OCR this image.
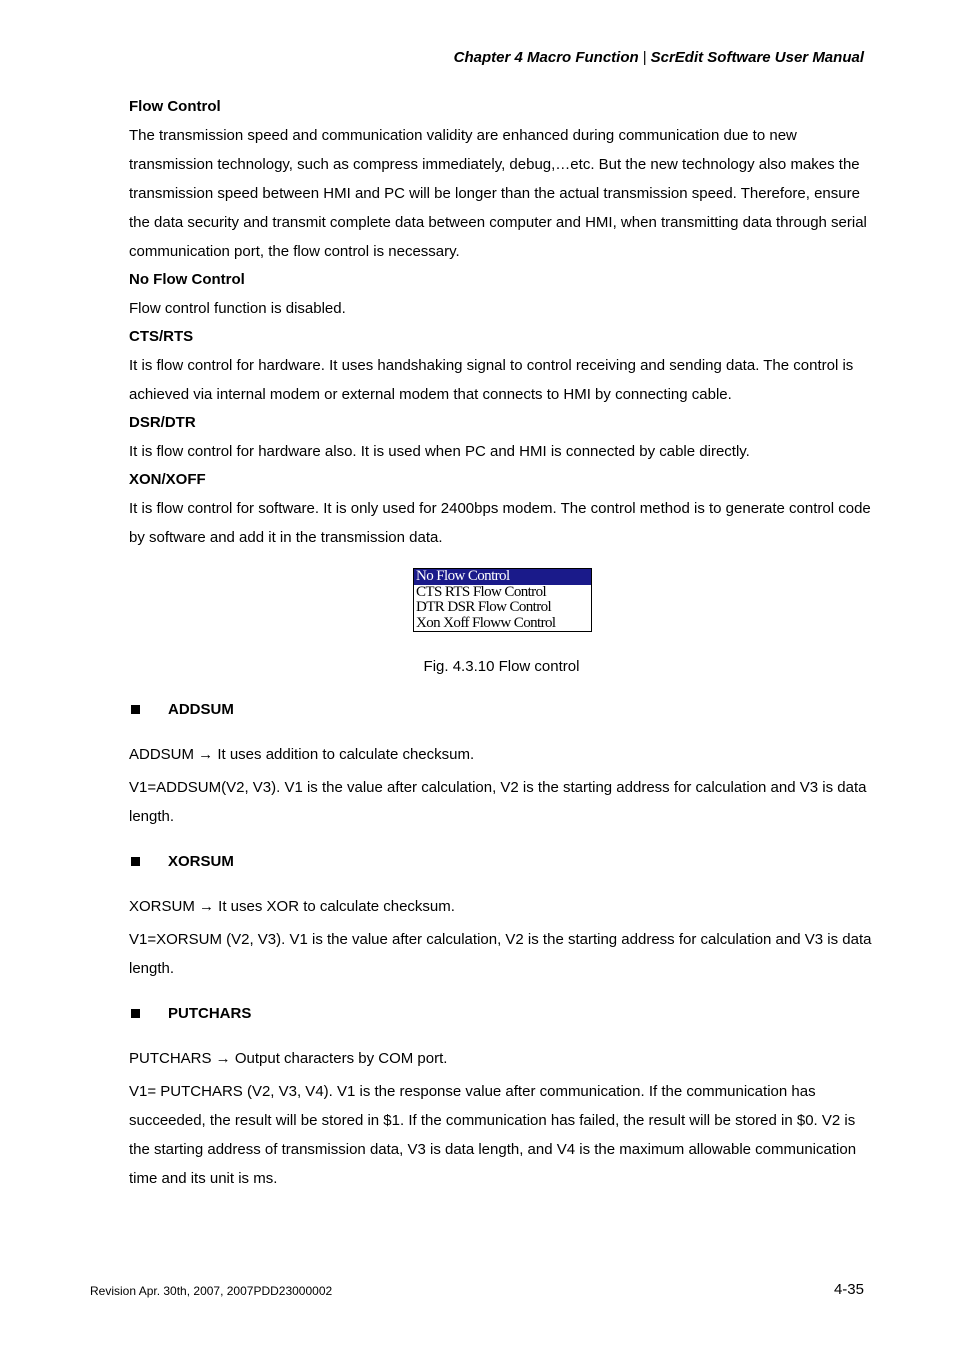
Chapter 4 Macro Function | ScrEdit Software User Manual

Flow Control

The transmission speed and communication validity are enhanced during communication due to new transmission technology, such as compress immediately, debug,…etc. But the new technology also makes the transmission speed between HMI and PC will be longer than the actual transmission speed. Therefore, ensure the data security and transmit complete data between computer and HMI, when transmitting data through serial communication port, the flow control is necessary.

No Flow Control

Flow control function is disabled.

CTS/RTS

It is flow control for hardware. It uses handshaking signal to control receiving and sending data. The control is achieved via internal modem or external modem that connects to HMI by connecting cable.

DSR/DTR

It is flow control for hardware also. It is used when PC and HMI is connected by cable directly.

XON/XOFF

It is flow control for software. It is only used for 2400bps modem. The control method is to generate control code by software and add it in the transmission data.

No Flow Control
CTS RTS Flow Control
DTR DSR Flow Control
Xon Xoff Floww Control
Fig. 4.3.10 Flow control
ADDSUM

ADDSUM → It uses addition to calculate checksum.

V1=ADDSUM(V2, V3). V1 is the value after calculation, V2 is the starting address for calculation and V3 is data length.

XORSUM

XORSUM → It uses XOR to calculate checksum.

V1=XORSUM (V2, V3). V1 is the value after calculation, V2 is the starting address for calculation and V3 is data length.

PUTCHARS

PUTCHARS → Output characters by COM port.

V1= PUTCHARS (V2, V3, V4). V1 is the response value after communication. If the communication has succeeded, the result will be stored in $1. If the communication has failed, the result will be stored in $0. V2 is the starting address of transmission data, V3 is data length, and V4 is the maximum allowable communication time and its unit is ms.

Revision Apr. 30th, 2007, 2007PDD23000002	4-35
